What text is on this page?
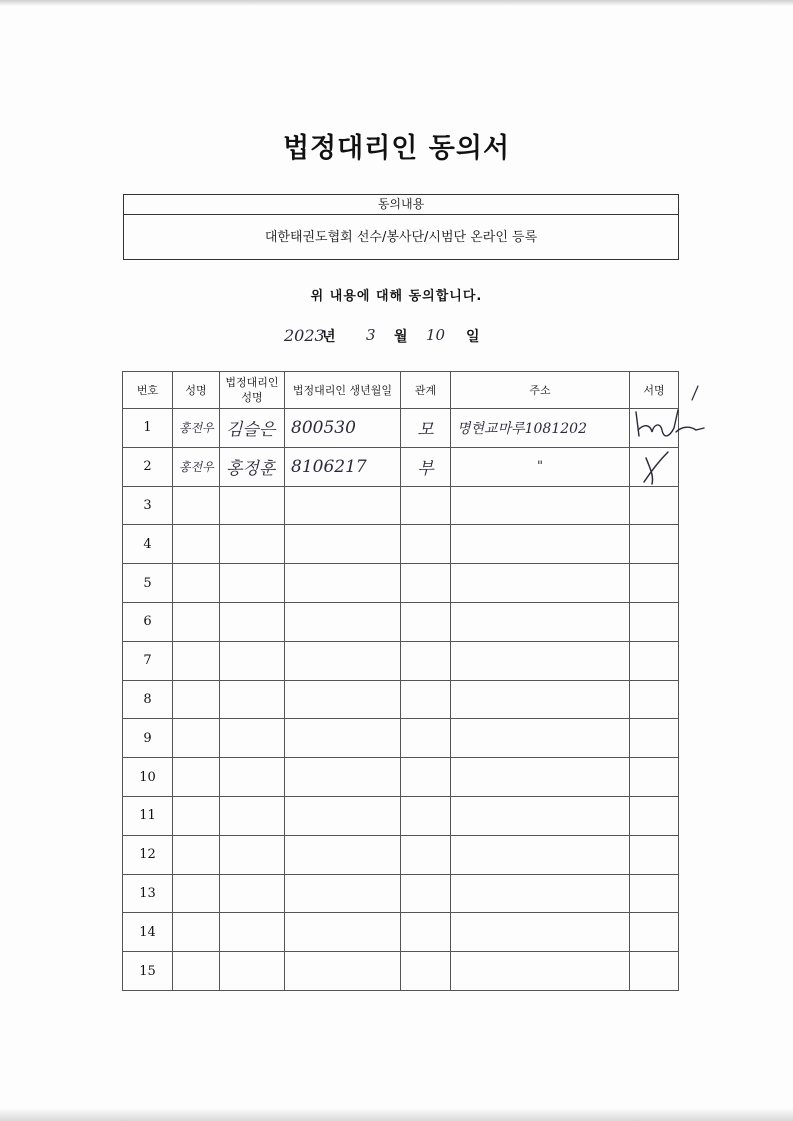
법정대리인 동의서
동의내용
대한태권도협회 선수/봉사단/시범단 온라인 등록
위 내용에 대해 동의합니다.
2023
년 3 월 10 일
번호	성명	법정대리인 성명	법정대리인 생년월일	관계	주소	서명
1	홍전우	김슬은	800530	모	명현교마루1081202	
2	홍전우	홍정훈	8106217	부	"	
3						
4						
5						
6						
7						
8						
9						
10						
11						
12						
13						
14						
15						
